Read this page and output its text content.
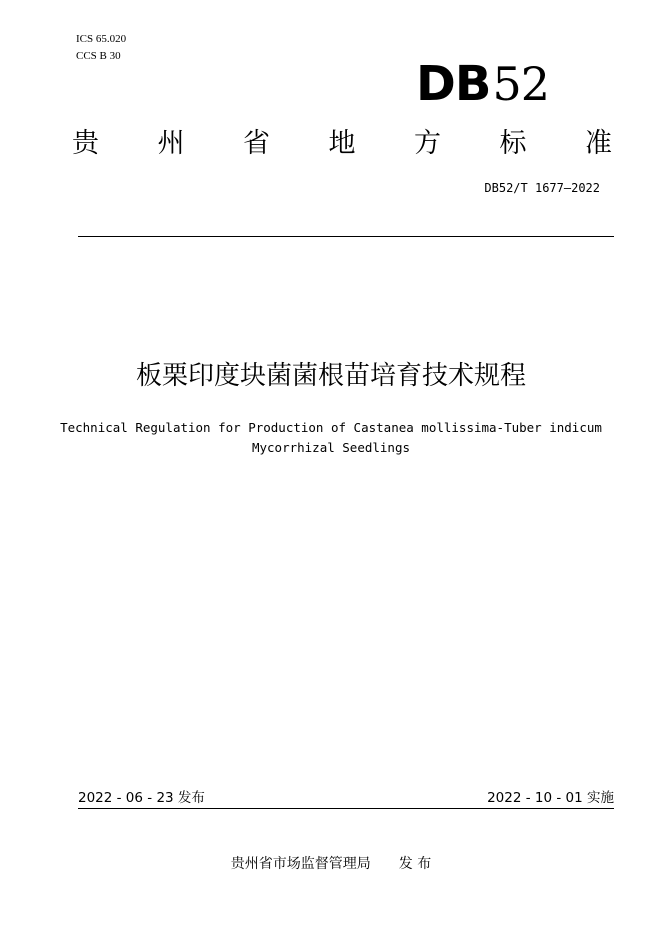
ICS 65.020
CCS B 30	DB52
贵 州 省 地 方 标 准
DB52/T 1677—2022
板栗印度块菌菌根苗培育技术规程
Technical Regulation for Production of Castanea mollissima-Tuber indicum
Mycorrhizal Seedlings
2022 - 06 - 23 发布	2022 - 10 - 01 实施
贵州省市场监督管理局 发 布
